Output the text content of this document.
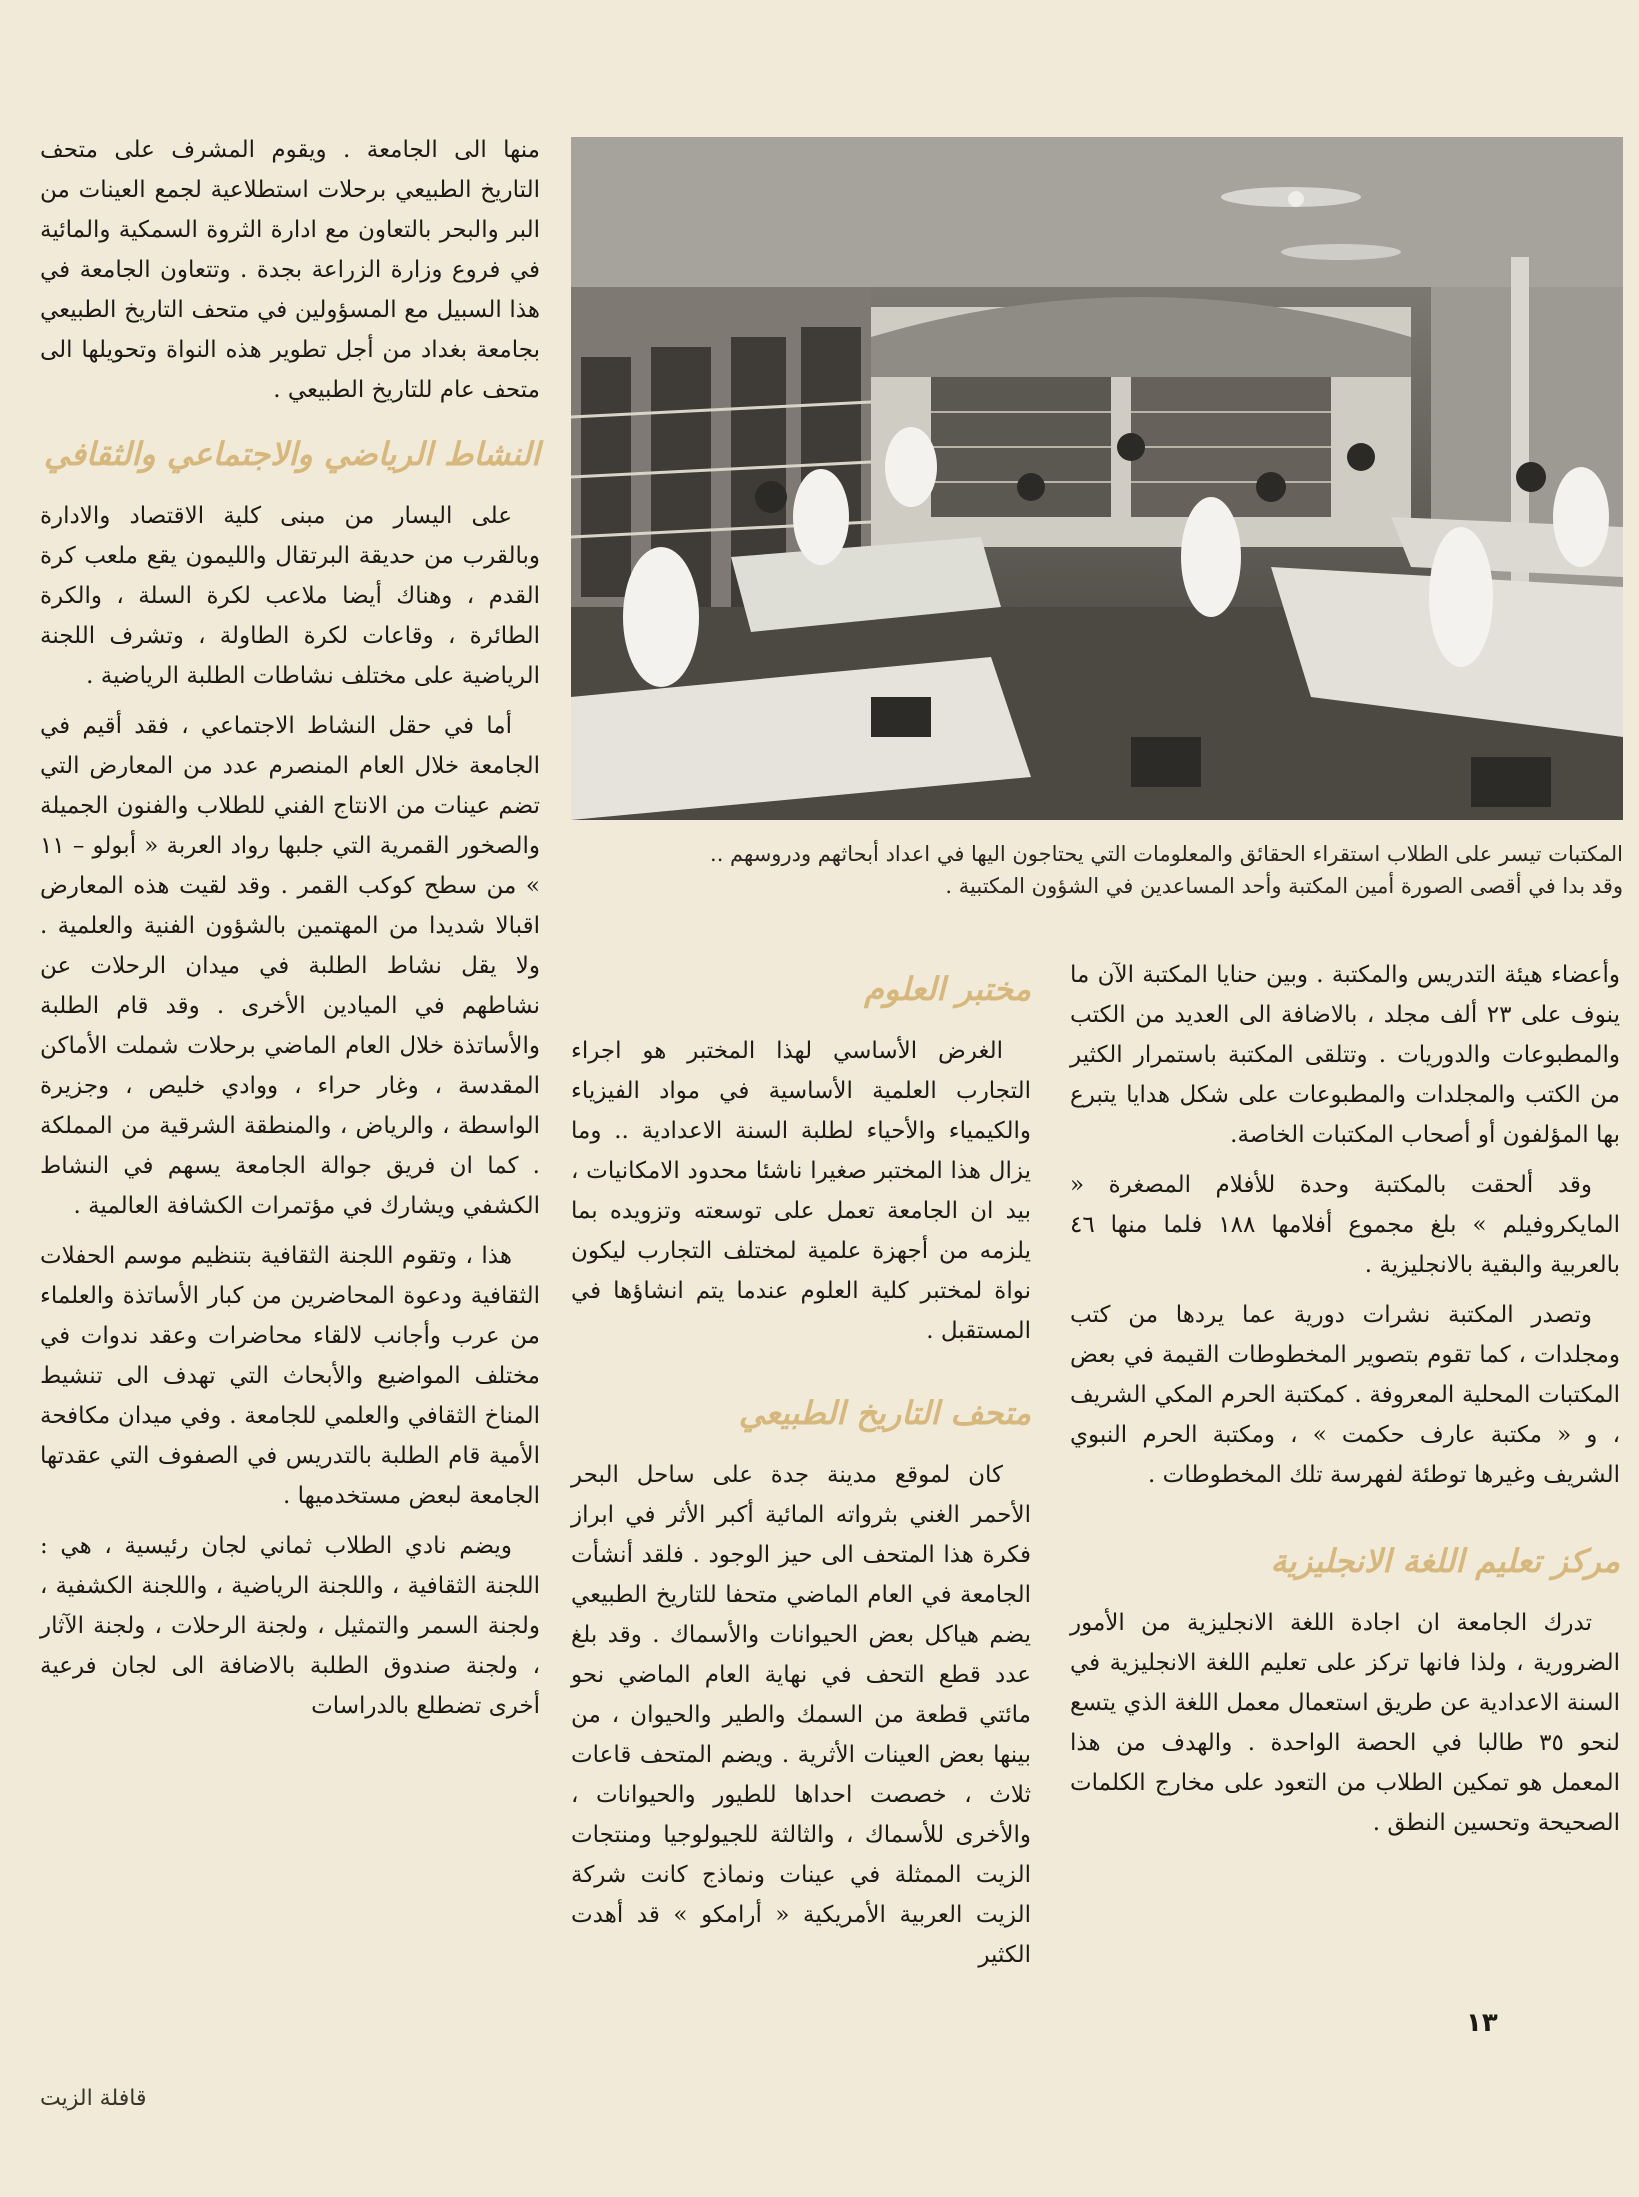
المكتبات تيسر على الطلاب استقراء الحقائق والمعلومات التي يحتاجون اليها في اعداد أبحاثهم ودروسهم ..
وقد بدا في أقصى الصورة أمين المكتبة وأحد المساعدين في الشؤون المكتبية .

منها الى الجامعة . ويقوم المشرف على متحف التاريخ الطبيعي برحلات استطلاعية لجمع العينات من البر والبحر بالتعاون مع ادارة الثروة السمكية والمائية في فروع وزارة الزراعة بجدة . وتتعاون الجامعة في هذا السبيل مع المسؤولين في متحف التاريخ الطبيعي بجامعة بغداد من أجل تطوير هذه النواة وتحويلها الى متحف عام للتاريخ الطبيعي .

النشاط الرياضي والاجتماعي والثقافي

على اليسار من مبنى كلية الاقتصاد والادارة وبالقرب من حديقة البرتقال والليمون يقع ملعب كرة القدم ، وهناك أيضا ملاعب لكرة السلة ، والكرة الطائرة ، وقاعات لكرة الطاولة ، وتشرف اللجنة الرياضية على مختلف نشاطات الطلبة الرياضية .

أما في حقل النشاط الاجتماعي ، فقد أقيم في الجامعة خلال العام المنصرم عدد من المعارض التي تضم عينات من الانتاج الفني للطلاب والفنون الجميلة والصخور القمرية التي جلبها رواد العربة « أبولو – ١١ » من سطح كوكب القمر . وقد لقيت هذه المعارض اقبالا شديدا من المهتمين بالشؤون الفنية والعلمية . ولا يقل نشاط الطلبة في ميدان الرحلات عن نشاطهم في الميادين الأخرى . وقد قام الطلبة والأساتذة خلال العام الماضي برحلات شملت الأماكن المقدسة ، وغار حراء ، ووادي خليص ، وجزيرة الواسطة ، والرياض ، والمنطقة الشرقية من المملكة . كما ان فريق جوالة الجامعة يسهم في النشاط الكشفي ويشارك في مؤتمرات الكشافة العالمية .

هذا ، وتقوم اللجنة الثقافية بتنظيم موسم الحفلات الثقافية ودعوة المحاضرين من كبار الأساتذة والعلماء من عرب وأجانب لالقاء محاضرات وعقد ندوات في مختلف المواضيع والأبحاث التي تهدف الى تنشيط المناخ الثقافي والعلمي للجامعة . وفي ميدان مكافحة الأمية قام الطلبة بالتدريس في الصفوف التي عقدتها الجامعة لبعض مستخدميها .

ويضم نادي الطلاب ثماني لجان رئيسية ، هي : اللجنة الثقافية ، واللجنة الرياضية ، واللجنة الكشفية ، ولجنة السمر والتمثيل ، ولجنة الرحلات ، ولجنة الآثار ، ولجنة صندوق الطلبة بالاضافة الى لجان فرعية أخرى تضطلع بالدراسات

مختبر العلوم

الغرض الأساسي لهذا المختبر هو اجراء التجارب العلمية الأساسية في مواد الفيزياء والكيمياء والأحياء لطلبة السنة الاعدادية .. وما يزال هذا المختبر صغيرا ناشئا محدود الامكانيات ، بيد ان الجامعة تعمل على توسعته وتزويده بما يلزمه من أجهزة علمية لمختلف التجارب ليكون نواة لمختبر كلية العلوم عندما يتم انشاؤها في المستقبل .

متحف التاريخ الطبيعي

كان لموقع مدينة جدة على ساحل البحر الأحمر الغني بثرواته المائية أكبر الأثر في ابراز فكرة هذا المتحف الى حيز الوجود . فلقد أنشأت الجامعة في العام الماضي متحفا للتاريخ الطبيعي يضم هياكل بعض الحيوانات والأسماك . وقد بلغ عدد قطع التحف في نهاية العام الماضي نحو مائتي قطعة من السمك والطير والحيوان ، من بينها بعض العينات الأثرية . ويضم المتحف قاعات ثلاث ، خصصت احداها للطيور والحيوانات ، والأخرى للأسماك ، والثالثة للجيولوجيا ومنتجات الزيت الممثلة في عينات ونماذج كانت شركة الزيت العربية الأمريكية « أرامكو » قد أهدت الكثير

وأعضاء هيئة التدريس والمكتبة . وبين حنايا المكتبة الآن ما ينوف على ٢٣ ألف مجلد ، بالاضافة الى العديد من الكتب والمطبوعات والدوريات . وتتلقى المكتبة باستمرار الكثير من الكتب والمجلدات والمطبوعات على شكل هدايا يتبرع بها المؤلفون أو أصحاب المكتبات الخاصة.

وقد ألحقت بالمكتبة وحدة للأفلام المصغرة « المايكروفيلم » بلغ مجموع أفلامها ١٨٨ فلما منها ٤٦ بالعربية والبقية بالانجليزية .

وتصدر المكتبة نشرات دورية عما يردها من كتب ومجلدات ، كما تقوم بتصوير المخطوطات القيمة في بعض المكتبات المحلية المعروفة . كمكتبة الحرم المكي الشريف ، و « مكتبة عارف حكمت » ، ومكتبة الحرم النبوي الشريف وغيرها توطئة لفهرسة تلك المخطوطات .

مركز تعليم اللغة الانجليزية

تدرك الجامعة ان اجادة اللغة الانجليزية من الأمور الضرورية ، ولذا فانها تركز على تعليم اللغة الانجليزية في السنة الاعدادية عن طريق استعمال معمل اللغة الذي يتسع لنحو ٣٥ طالبا في الحصة الواحدة . والهدف من هذا المعمل هو تمكين الطلاب من التعود على مخارج الكلمات الصحيحة وتحسين النطق .

١٣
قافلة الزيت
